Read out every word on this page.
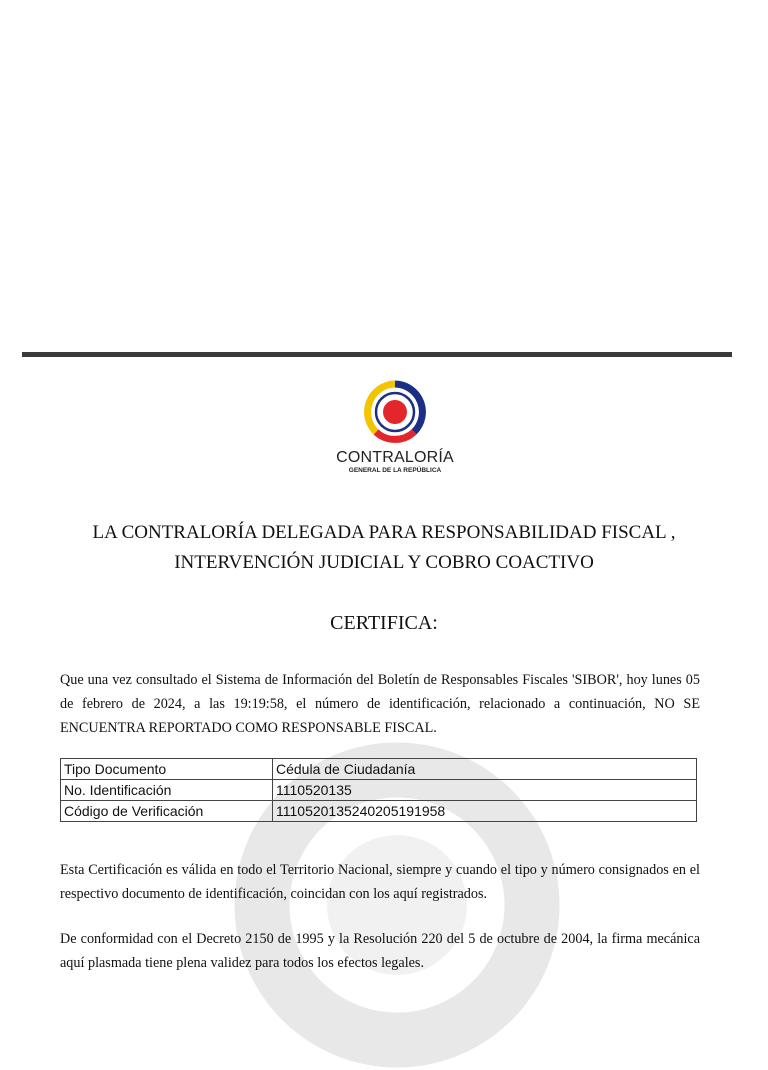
CONTRALORÍA
GENERAL DE LA REPÚBLICA
LA CONTRALORÍA DELEGADA PARA RESPONSABILIDAD FISCAL ,
INTERVENCIÓN JUDICIAL Y COBRO COACTIVO
CERTIFICA:
Que una vez consultado el Sistema de Información del Boletín de Responsables Fiscales 'SIBOR', hoy lunes 05 de febrero de 2024, a las 19:19:58, el número de identificación, relacionado a continuación, NO SE ENCUENTRA REPORTADO COMO RESPONSABLE FISCAL.
Tipo Documento	Cédula de Ciudadanía
No. Identificación	1110520135
Código de Verificación	1110520135240205191958
Esta Certificación es válida en todo el Territorio Nacional, siempre y cuando el tipo y número consignados en el respectivo documento de identificación, coincidan con los aquí registrados.
De conformidad con el Decreto 2150 de 1995 y la Resolución 220 del 5 de octubre de 2004, la firma mecánica aquí plasmada tiene plena validez para todos los efectos legales.
